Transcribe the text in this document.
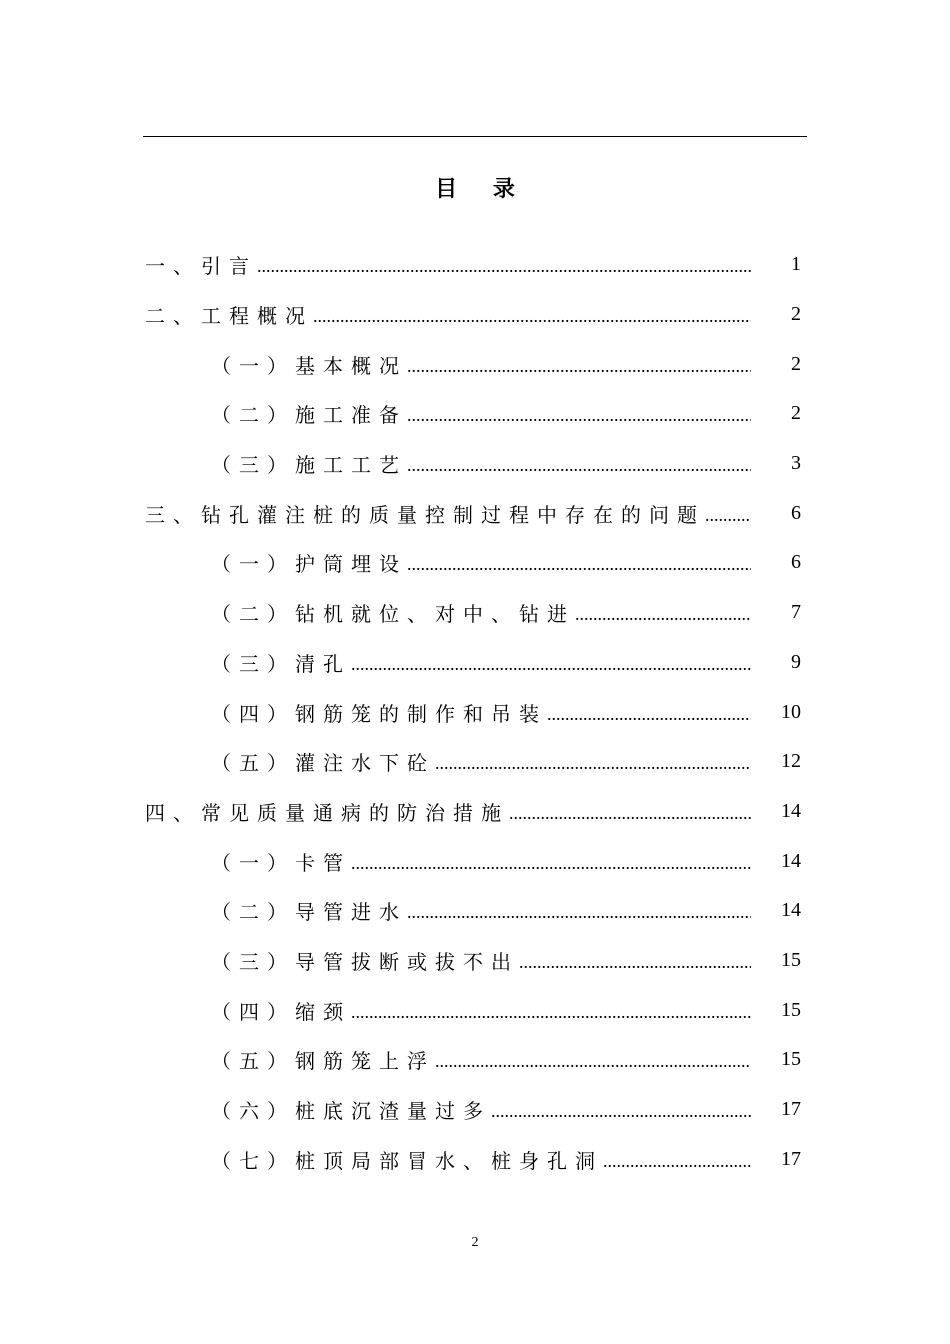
目 录
一、引言 .....	1
二、工程概况 .....	2
（一）基本概况 .....	2
（二）施工准备 .....	2
（三）施工工艺 .....	3
三、钻孔灌注桩的质量控制过程中存在的问题 .....	6
（一）护筒埋设 .....	6
（二）钻机就位、对中、钻进 .....	7
（三）清孔 .....	9
（四）钢筋笼的制作和吊装 .....	10
（五）灌注水下砼 .....	12
四、常见质量通病的防治措施 .....	14
（一）卡管 .....	14
（二）导管进水 .....	14
（三）导管拔断或拔不出 .....	15
（四）缩颈 .....	15
（五）钢筋笼上浮 .....	15
（六）桩底沉渣量过多 .....	17
（七）桩顶局部冒水、桩身孔洞 .....	17
2
